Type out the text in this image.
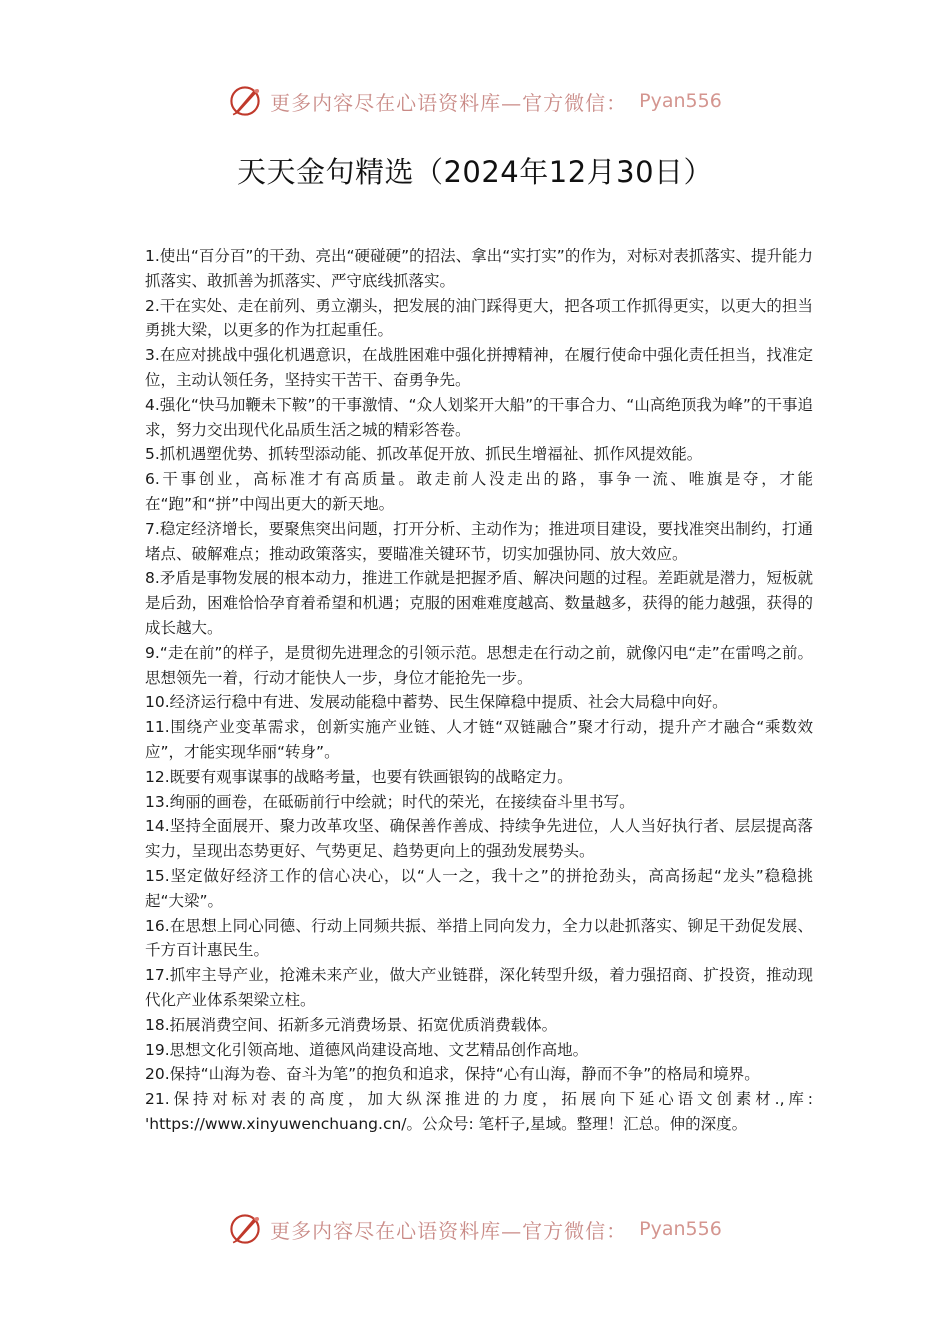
更多内容尽在心语资料库—官方微信： Pyan556
天天金句精选（2024年12月30日）

1.使出“百分百”的干劲、亮出“硬碰硬”的招法、拿出“实打实”的作为，对标对表抓落实、提升能力抓落实、敢抓善为抓落实、严守底线抓落实。

2.干在实处、走在前列、勇立潮头，把发展的油门踩得更大，把各项工作抓得更实，以更大的担当勇挑大梁，以更多的作为扛起重任。

3.在应对挑战中强化机遇意识，在战胜困难中强化拼搏精神，在履行使命中强化责任担当，找准定位，主动认领任务，坚持实干苦干、奋勇争先。

4.强化“快马加鞭未下鞍”的干事激情、“众人划桨开大船”的干事合力、“山高绝顶我为峰”的干事追求，努力交出现代化品质生活之城的精彩答卷。

5.抓机遇塑优势、抓转型添动能、抓改革促开放、抓民生增福祉、抓作风提效能。

6.干事创业，高标准才有高质量。敢走前人没走出的路，事争一流、唯旗是夺，才能在“跑”和“拼”中闯出更大的新天地。

7.稳定经济增长，要聚焦突出问题，打开分析、主动作为；推进项目建设，要找准突出制约，打通堵点、破解难点；推动政策落实，要瞄准关键环节，切实加强协同、放大效应。

8.矛盾是事物发展的根本动力，推进工作就是把握矛盾、解决问题的过程。差距就是潜力，短板就是后劲，困难恰恰孕育着希望和机遇；克服的困难难度越高、数量越多，获得的能力越强，获得的成长越大。

9.“走在前”的样子，是贯彻先进理念的引领示范。思想走在行动之前，就像闪电“走”在雷鸣之前。思想领先一着，行动才能快人一步，身位才能抢先一步。

10.经济运行稳中有进、发展动能稳中蓄势、民生保障稳中提质、社会大局稳中向好。

11.围绕产业变革需求，创新实施产业链、人才链“双链融合”聚才行动，提升产才融合“乘数效应”，才能实现华丽“转身”。

12.既要有观事谋事的战略考量，也要有铁画银钩的战略定力。

13.绚丽的画卷，在砥砺前行中绘就；时代的荣光，在接续奋斗里书写。

14.坚持全面展开、聚力改革攻坚、确保善作善成、持续争先进位，人人当好执行者、层层提高落实力，呈现出态势更好、气势更足、趋势更向上的强劲发展势头。

15.坚定做好经济工作的信心决心，以“人一之，我十之”的拼抢劲头，高高扬起“龙头”稳稳挑起“大梁”。

16.在思想上同心同德、行动上同频共振、举措上同向发力，全力以赴抓落实、铆足干劲促发展、千方百计惠民生。

17.抓牢主导产业，抢滩未来产业，做大产业链群，深化转型升级，着力强招商、扩投资，推动现代化产业体系架梁立柱。

18.拓展消费空间、拓新多元消费场景、拓宽优质消费载体。

19.思想文化引领高地、道德风尚建设高地、文艺精品创作高地。

20.保持“山海为卷、奋斗为笔”的抱负和追求，保持“心有山海，静而不争”的格局和境界。

21.保持对标对表的高度，加大纵深推进的力度，拓展向下延心语文创素材.,库: 'https://www.xinyuwenchuang.cn/。公众号: 笔杆子,星域。整理！汇总。伸的深度。

更多内容尽在心语资料库—官方微信： Pyan556
